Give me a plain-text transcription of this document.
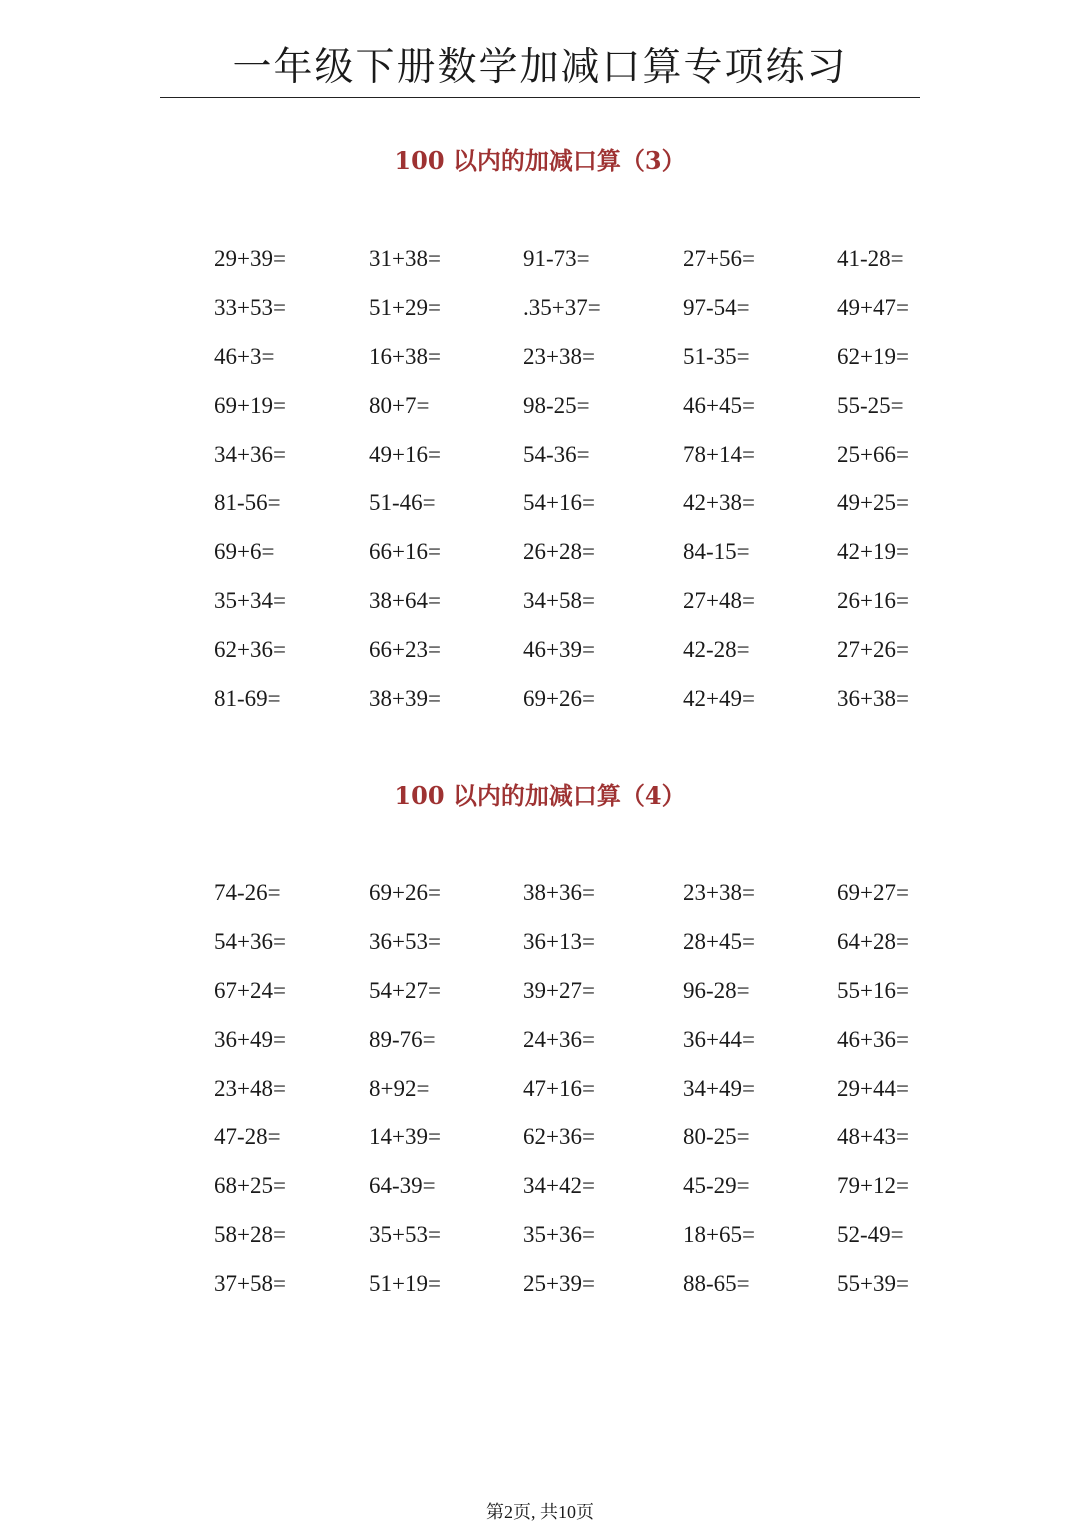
一年级下册数学加减口算专项练习
100 以内的加减口算（3）
29+39=	31+38=	91-73=	27+56=	41-28=
33+53=	51+29=	.35+37=	97-54=	49+47=
46+3=	16+38=	23+38=	51-35=	62+19=
69+19=	80+7=	98-25=	46+45=	55-25=
34+36=	49+16=	54-36=	78+14=	25+66=
81-56=	51-46=	54+16=	42+38=	49+25=
69+6=	66+16=	26+28=	84-15=	42+19=
35+34=	38+64=	34+58=	27+48=	26+16=
62+36=	66+23=	46+39=	42-28=	27+26=
81-69=	38+39=	69+26=	42+49=	36+38=
100 以内的加减口算（4）
74-26=	69+26=	38+36=	23+38=	69+27=
54+36=	36+53=	36+13=	28+45=	64+28=
67+24=	54+27=	39+27=	96-28=	55+16=
36+49=	89-76=	24+36=	36+44=	46+36=
23+48=	8+92=	47+16=	34+49=	29+44=
47-28=	14+39=	62+36=	80-25=	48+43=
68+25=	64-39=	34+42=	45-29=	79+12=
58+28=	35+53=	35+36=	18+65=	52-49=
37+58=	51+19=	25+39=	88-65=	55+39=
第2页, 共10页
